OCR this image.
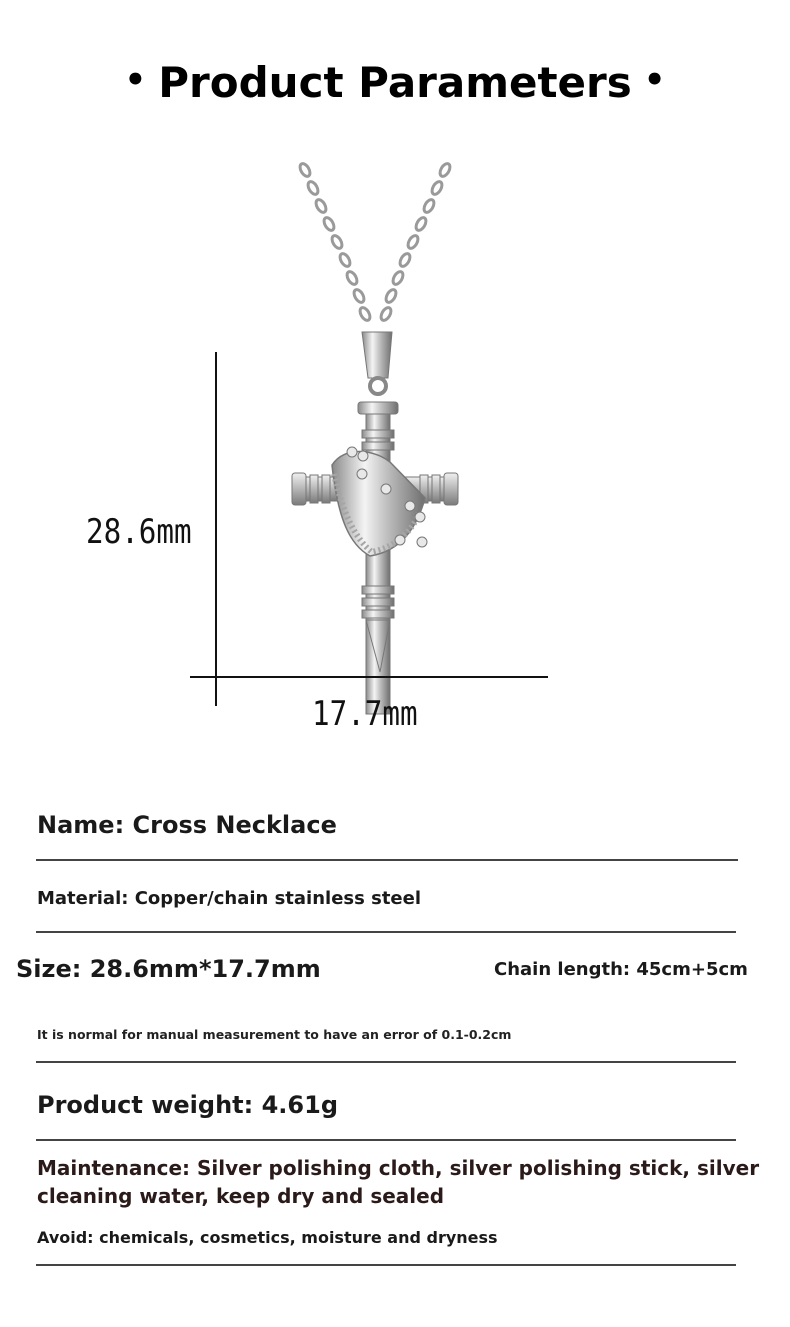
• Product Parameters •
28.6mm
17.7mm
Name: Cross Necklace
Material: Copper/chain stainless steel
Size: 28.6mm*17.7mm	Chain length: 45cm+5cm
It is normal for manual measurement to have an error of 0.1-0.2cm
Product weight: 4.61g
Maintenance: Silver polishing cloth, silver polishing stick, silver cleaning water, keep dry and sealed
Avoid: chemicals, cosmetics, moisture and dryness
